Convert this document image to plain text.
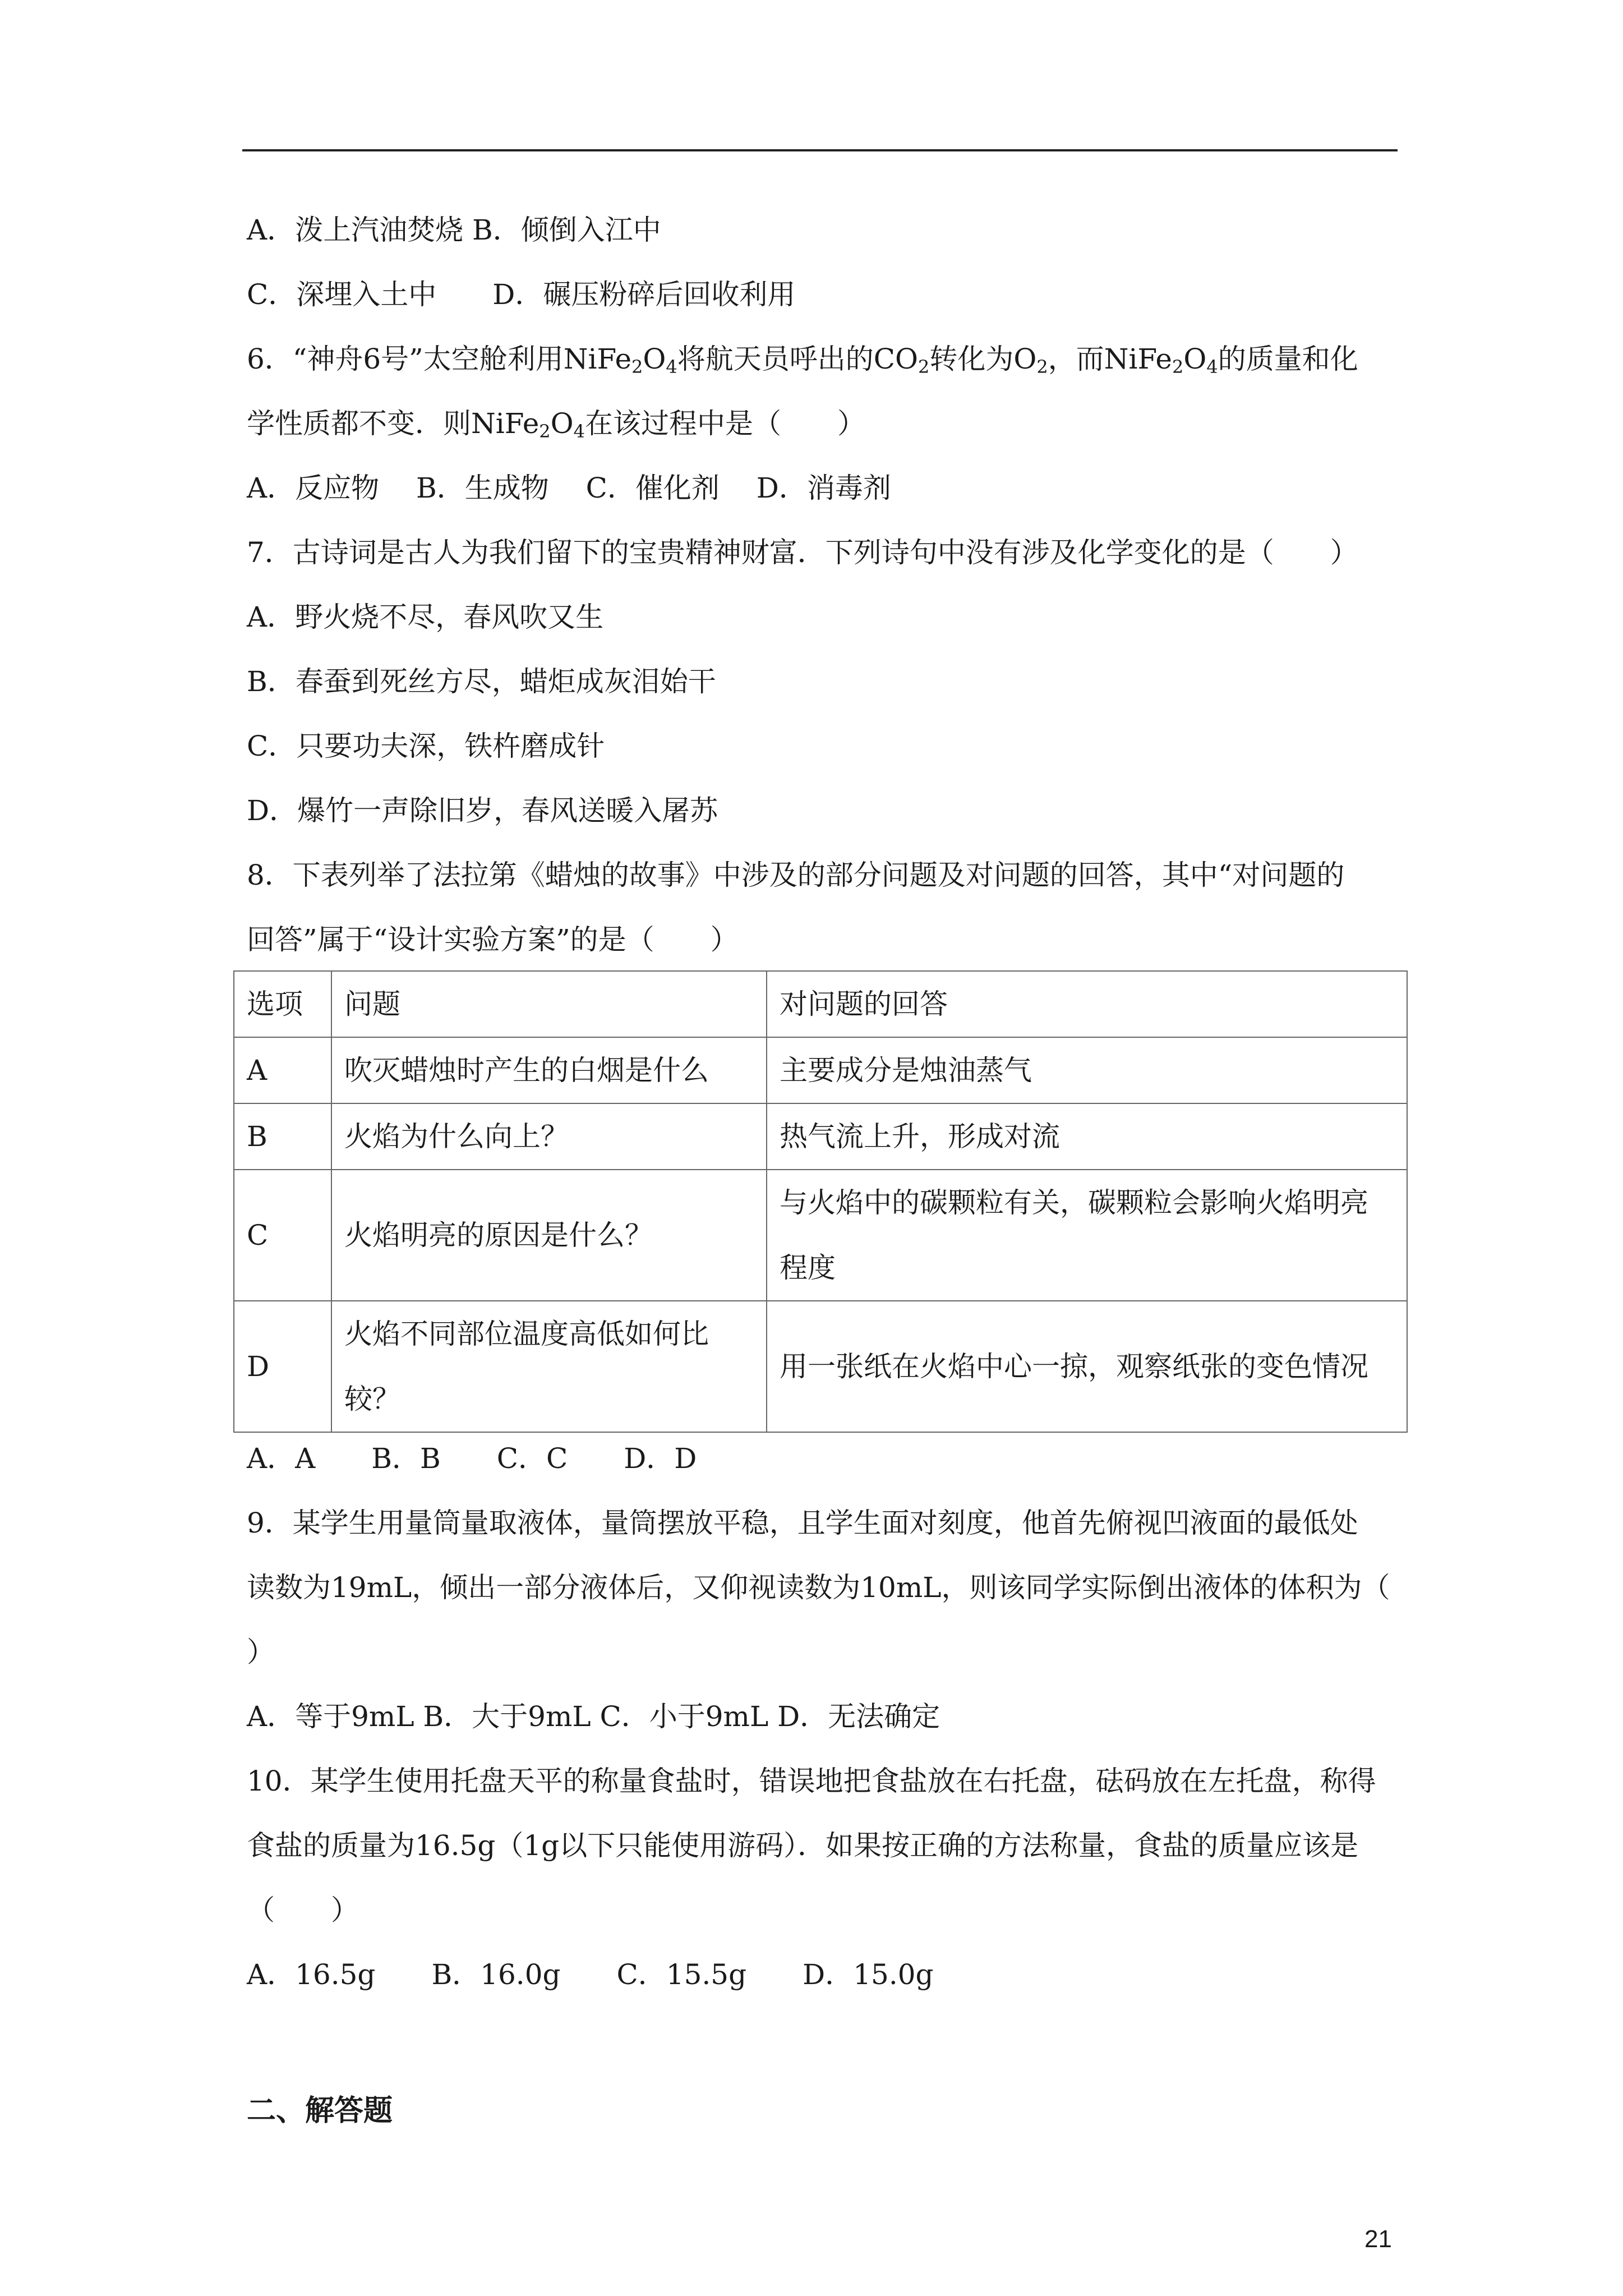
A．泼上汽油焚烧 B．倾倒入江中
C．深埋入土中　　D．碾压粉碎后回收利用
6．“神舟6号”太空舱利用$NiFe_2O_4$将航天员呼出的$CO_2$转化为$O_2$，而$NiFe_2O_4$的质量和化
学性质都不变．则$NiFe_2O_4$在该过程中是（　　）
A．反应物　 B．生成物　 C．催化剂　 D．消毒剂
7．古诗词是古人为我们留下的宝贵精神财富．下列诗句中没有涉及化学变化的是（　　）
A．野火烧不尽，春风吹又生
B．春蚕到死丝方尽，蜡炬成灰泪始干
C．只要功夫深，铁杵磨成针
D．爆竹一声除旧岁，春风送暖入屠苏
8．下表列举了法拉第《蜡烛的故事》中涉及的部分问题及对问题的回答，其中“对问题的
回答”属于“设计实验方案”的是（　　）
选项	问题	对问题的回答
A	吹灭蜡烛时产生的白烟是什么	主要成分是烛油蒸气
B	火焰为什么向上？	热气流上升，形成对流
C	火焰明亮的原因是什么？	与火焰中的碳颗粒有关，碳颗粒会影响火焰明亮程度
D	火焰不同部位温度高低如何比较？	用一张纸在火焰中心一掠，观察纸张的变色情况
A．A　　B．B　　C．C　　D．D
9．某学生用量筒量取液体，量筒摆放平稳，且学生面对刻度，他首先俯视凹液面的最低处
读数为19mL，倾出一部分液体后，又仰视读数为10mL，则该同学实际倒出液体的体积为（
）
A．等于9mL B．大于9mL C．小于9mL D．无法确定
10．某学生使用托盘天平的称量食盐时，错误地把食盐放在右托盘，砝码放在左托盘，称得
食盐的质量为16.5g（1g以下只能使用游码）．如果按正确的方法称量，食盐的质量应该是
（　　）
A．16.5g　　B．16.0g　　C．15.5g　　D．15.0g
二、解答题
21
